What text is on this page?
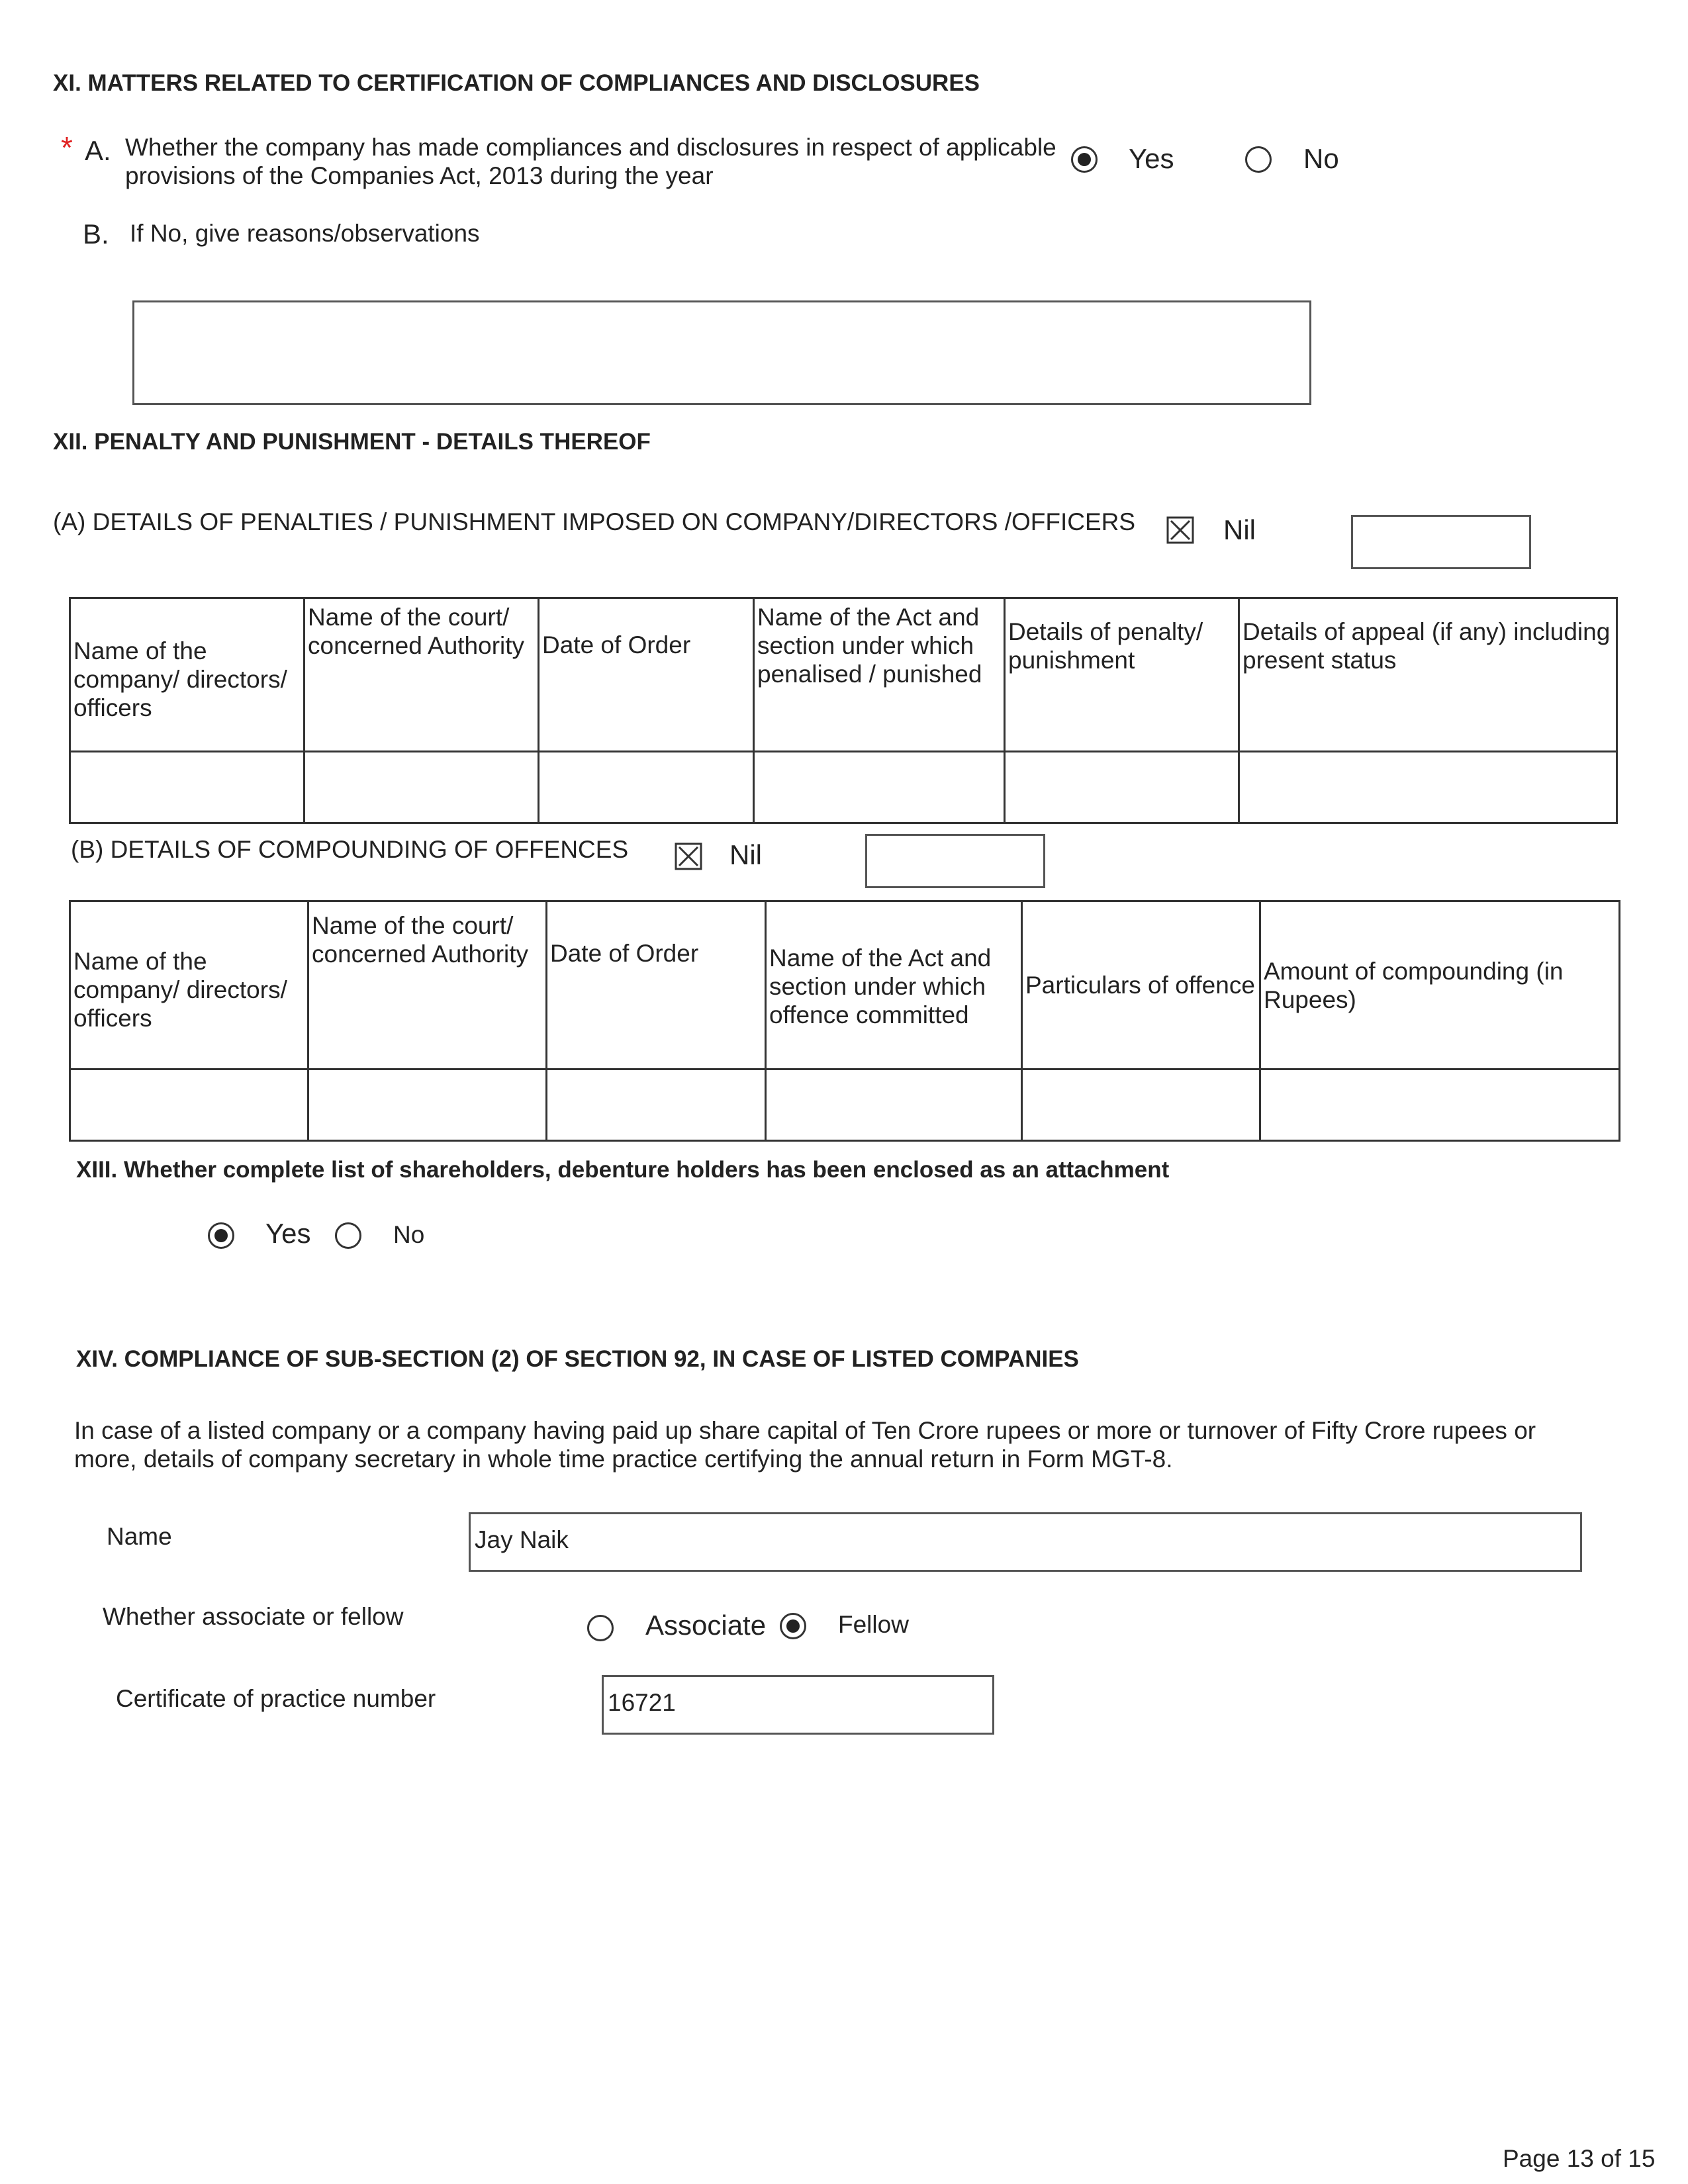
XI. MATTERS RELATED TO CERTIFICATION OF COMPLIANCES AND DISCLOSURES
* A. Whether the company has made compliances and disclosures in respect of applicable
provisions of the Companies Act, 2013 during the year
Yes	No
B. If No, give reasons/observations
XII. PENALTY AND PUNISHMENT - DETAILS THEREOF
(A) DETAILS OF PENALTIES / PUNISHMENT IMPOSED ON COMPANY/DIRECTORS /OFFICERS	Nil
Name of the company/ directors/ officers	Name of the court/ concerned Authority	Date of Order	Name of the Act and section under which penalised / punished	Details of penalty/ punishment	Details of appeal (if any) including present status

(B) DETAILS OF COMPOUNDING OF OFFENCES	Nil
Name of the company/ directors/ officers	Name of the court/ concerned Authority	Date of Order	Name of the Act and section under which offence committed	Particulars of offence	Amount of compounding (in Rupees)

XIII. Whether complete list of shareholders, debenture holders has been enclosed as an attachment
Yes	No
XIV. COMPLIANCE OF SUB-SECTION (2) OF SECTION 92, IN CASE OF LISTED COMPANIES
In case of a listed company or a company having paid up share capital of Ten Crore rupees or more or turnover of Fifty Crore rupees or
more, details of company secretary in whole time practice certifying the annual return in Form MGT-8.
Name	Jay Naik
Whether associate or fellow	Associate	Fellow
Certificate of practice number	16721
Page 13 of 15
